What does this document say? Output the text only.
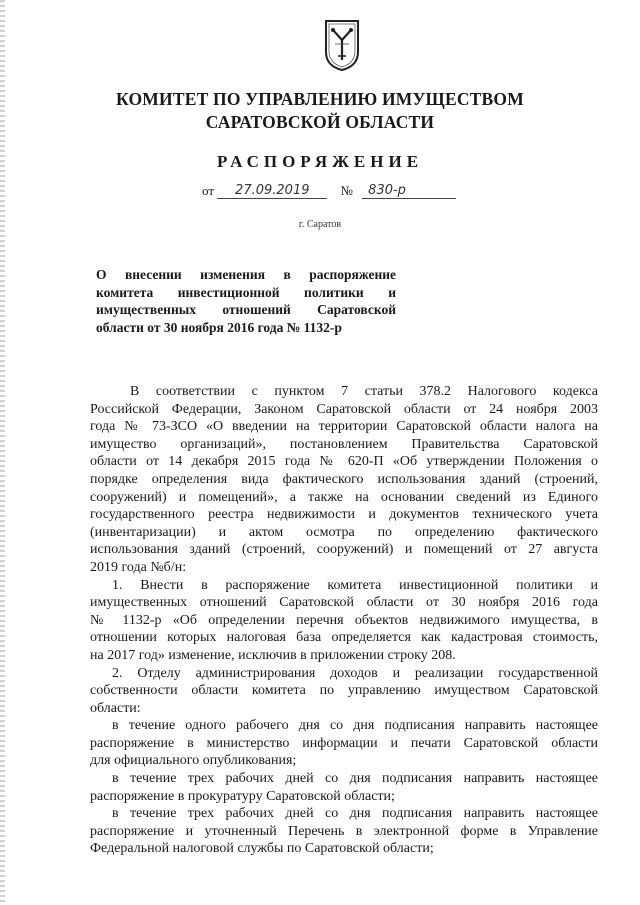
КОМИТЕТ ПО УПРАВЛЕНИЮ ИМУЩЕСТВОМ
САРАТОВСКОЙ ОБЛАСТИ
РАСПОРЯЖЕНИЕ
от 27.09.2019 № 830-р
г. Саратов
О внесении изменения в распоряжение
комитета инвестиционной политики и
имущественных отношений Саратовской
области от 30 ноября 2016 года № 1132-р

В соответствии с пунктом 7 статьи 378.2 Налогового кодекса
Российской Федерации, Законом Саратовской области от 24 ноября 2003
года № 73-ЗСО «О введении на территории Саратовской области налога на
имущество организаций», постановлением Правительства Саратовской
области от 14 декабря 2015 года № 620-П «Об утверждении Положения о
порядке определения вида фактического использования зданий (строений,
сооружений) и помещений», а также на основании сведений из Единого
государственного реестра недвижимости и документов технического учета
(инвентаризации) и актом осмотра по определению фактического
использования зданий (строений, сооружений) и помещений от 27 августа
2019 года №б/н:

1. Внести в распоряжение комитета инвестиционной политики и
имущественных отношений Саратовской области от 30 ноября 2016 года
№ 1132-р «Об определении перечня объектов недвижимого имущества, в
отношении которых налоговая база определяется как кадастровая стоимость,
на 2017 год» изменение, исключив в приложении строку 208.

2. Отделу администрирования доходов и реализации государственной
собственности области комитета по управлению имуществом Саратовской
области:

в течение одного рабочего дня со дня подписания направить настоящее
распоряжение в министерство информации и печати Саратовской области
для официального опубликования;

в течение трех рабочих дней со дня подписания направить настоящее
распоряжение в прокуратуру Саратовской области;

в течение трех рабочих дней со дня подписания направить настоящее
распоряжение и уточненный Перечень в электронной форме в Управление
Федеральной налоговой службы по Саратовской области;
